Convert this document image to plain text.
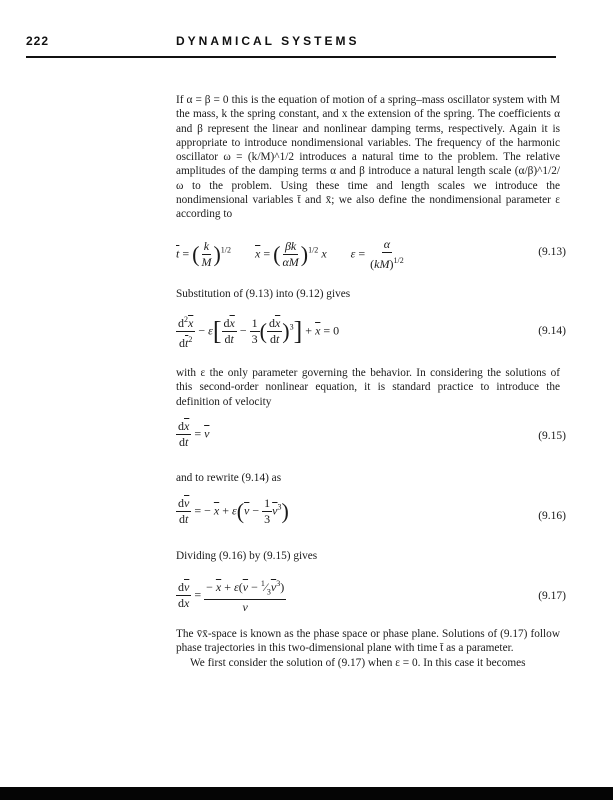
222	DYNAMICAL SYSTEMS

If α = β = 0 this is the equation of motion of a spring–mass oscillator system with M the mass, k the spring constant, and x the extension of the spring. The coefficients α and β represent the linear and nonlinear damping terms, respectively. Again it is appropriate to introduce nondimensional variables. The frequency of the harmonic oscillator ω = (k/M)^1/2 introduces a natural time to the problem. The relative amplitudes of the damping terms α and β introduce a natural length scale (α/β)^1/2/ω to the problem. Using these time and length scales we introduce the nondimensional variables t̄ and x̄; we also define the nondimensional parameter ε according to

$\overline{t}$ = ( $\frac{k}{M} )^{1/2}$ $\overline{x}$ = ( $\frac{\beta k}{\alpha M} )^{1/2}$ x $\varepsilon = \frac{\alpha}{(kM)^{1/2}}$	(9.13)

Substitution of (9.13) into (9.12) gives

$\frac{d^2\overline{x}}{d\overline{t}^2} - \varepsilon[ \frac{d\overline{x}}{d\overline{t}} - \frac{1}{3}$ ( $\frac{d\overline{x}}{d\overline{t}} )^3] + \overline{x} = 0$	(9.14)

with ε the only parameter governing the behavior. In considering the solutions of this second-order nonlinear equation, it is standard practice to introduce the definition of velocity

$\frac{d\overline{x}}{d\overline{t}} = \overline{v}$	(9.15)

and to rewrite (9.14) as

$\frac{d\overline{v}}{d\overline{t}}$ = − $\overline{x} + \varepsilon(\overline{v} - \frac{1}{3} \overline{v}^3)$	(9.16)

Dividing (9.16) by (9.15) gives

$\frac{d\overline{v}}{d\overline{x}} = \frac{- \overline{x} + \varepsilon(\overline{v} - ^1⁄_3\overline{v}^3)}{v}$	(9.17)

The v̄x̄-space is known as the phase space or phase plane. Solutions of (9.17) follow phase trajectories in this two-dimensional plane with time t̄ as a parameter.

We first consider the solution of (9.17) when ε = 0. In this case it becomes
